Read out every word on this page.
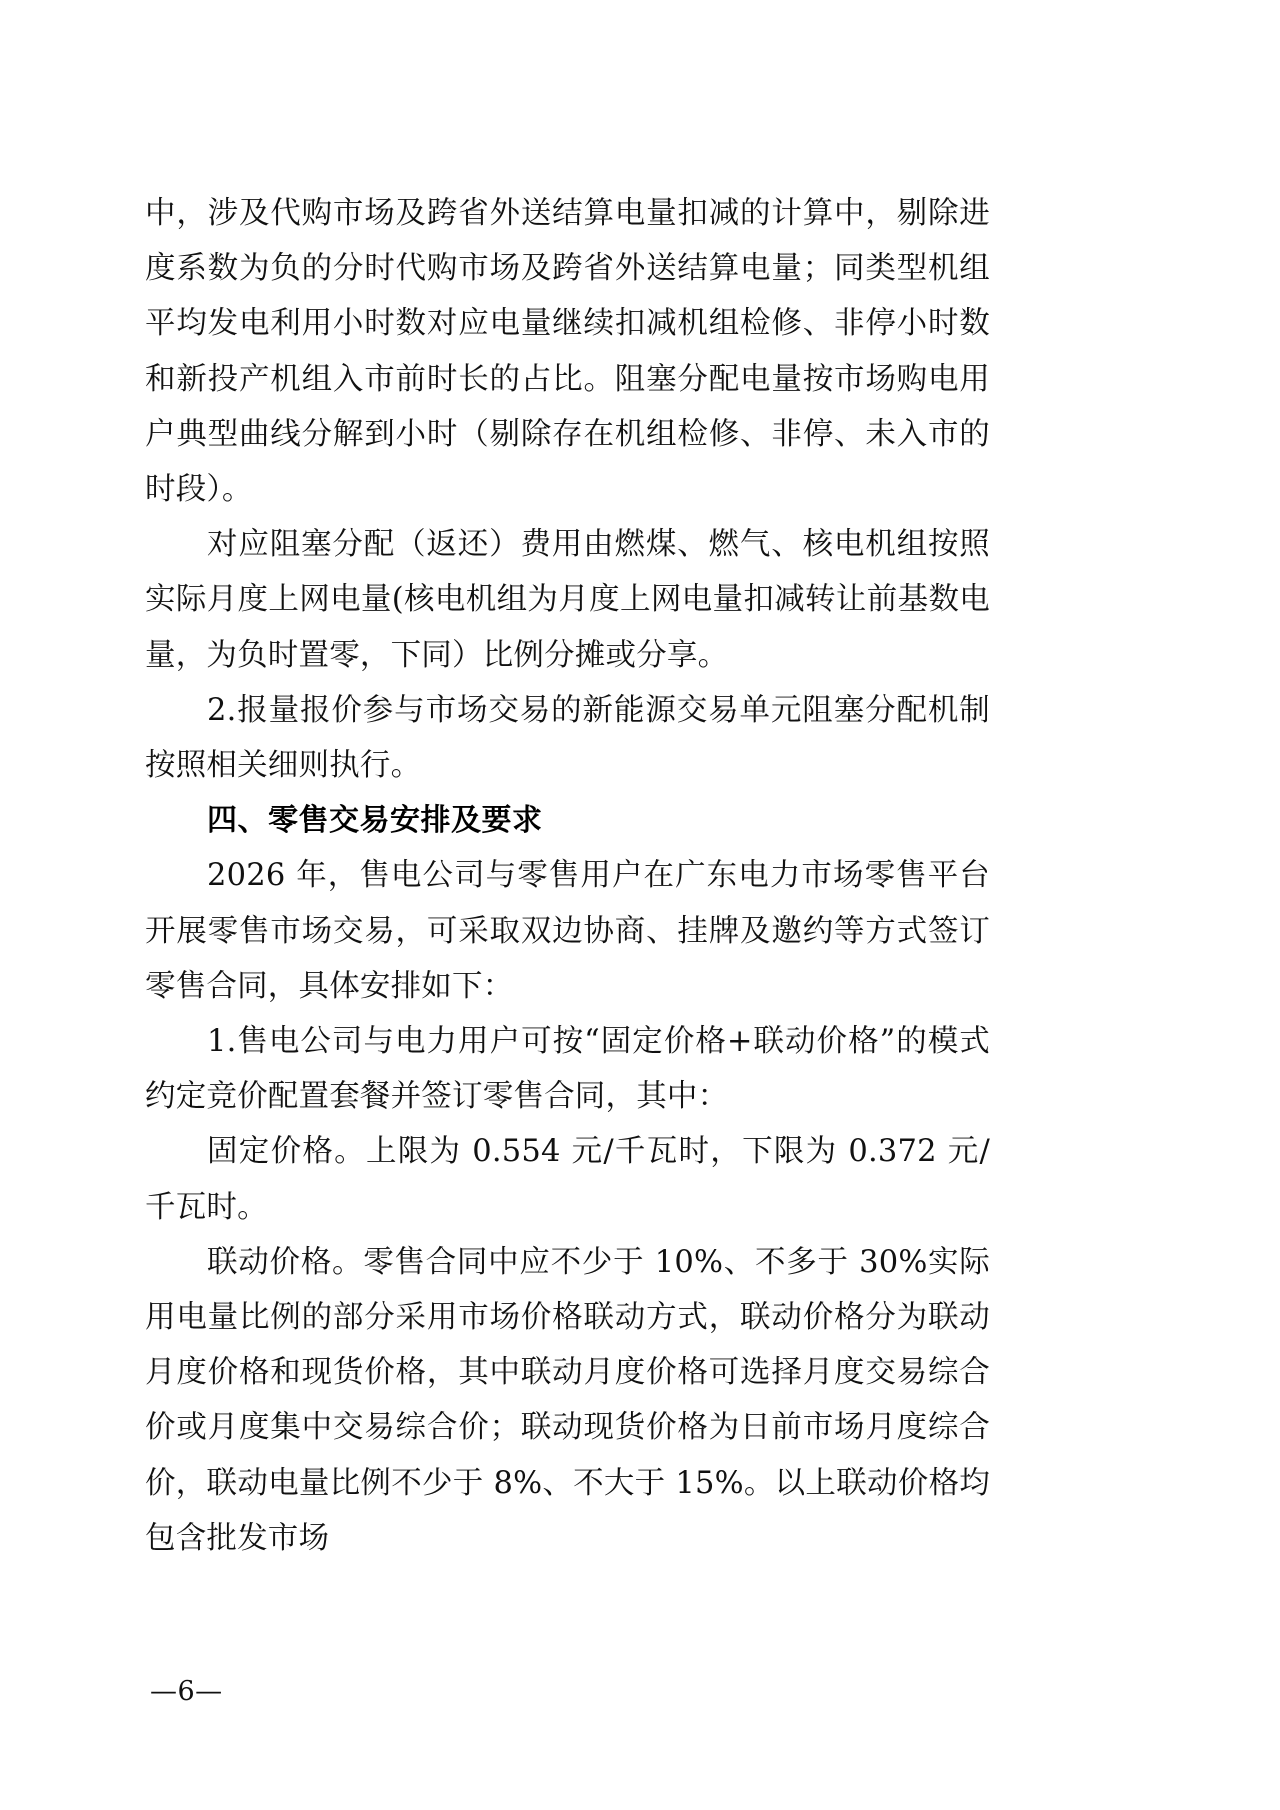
中，涉及代购市场及跨省外送结算电量扣减的计算中，剔除进度系数为负的分时代购市场及跨省外送结算电量；同类型机组平均发电利用小时数对应电量继续扣减机组检修、非停小时数和新投产机组入市前时长的占比。阻塞分配电量按市场购电用户典型曲线分解到小时（剔除存在机组检修、非停、未入市的时段）。

对应阻塞分配（返还）费用由燃煤、燃气、核电机组按照实际月度上网电量(核电机组为月度上网电量扣减转让前基数电量，为负时置零，下同）比例分摊或分享。

2.报量报价参与市场交易的新能源交易单元阻塞分配机制按照相关细则执行。

四、零售交易安排及要求

2026 年，售电公司与零售用户在广东电力市场零售平台开展零售市场交易，可采取双边协商、挂牌及邀约等方式签订零售合同，具体安排如下：

1.售电公司与电力用户可按“固定价格+联动价格”的模式约定竞价配置套餐并签订零售合同，其中：

固定价格。上限为 0.554 元/千瓦时，下限为 0.372 元/千瓦时。

联动价格。零售合同中应不少于 10%、不多于 30%实际用电量比例的部分采用市场价格联动方式，联动价格分为联动月度价格和现货价格，其中联动月度价格可选择月度交易综合价或月度集中交易综合价；联动现货价格为日前市场月度综合价，联动电量比例不少于 8%、不大于 15%。以上联动价格均包含批发市场

—6—
